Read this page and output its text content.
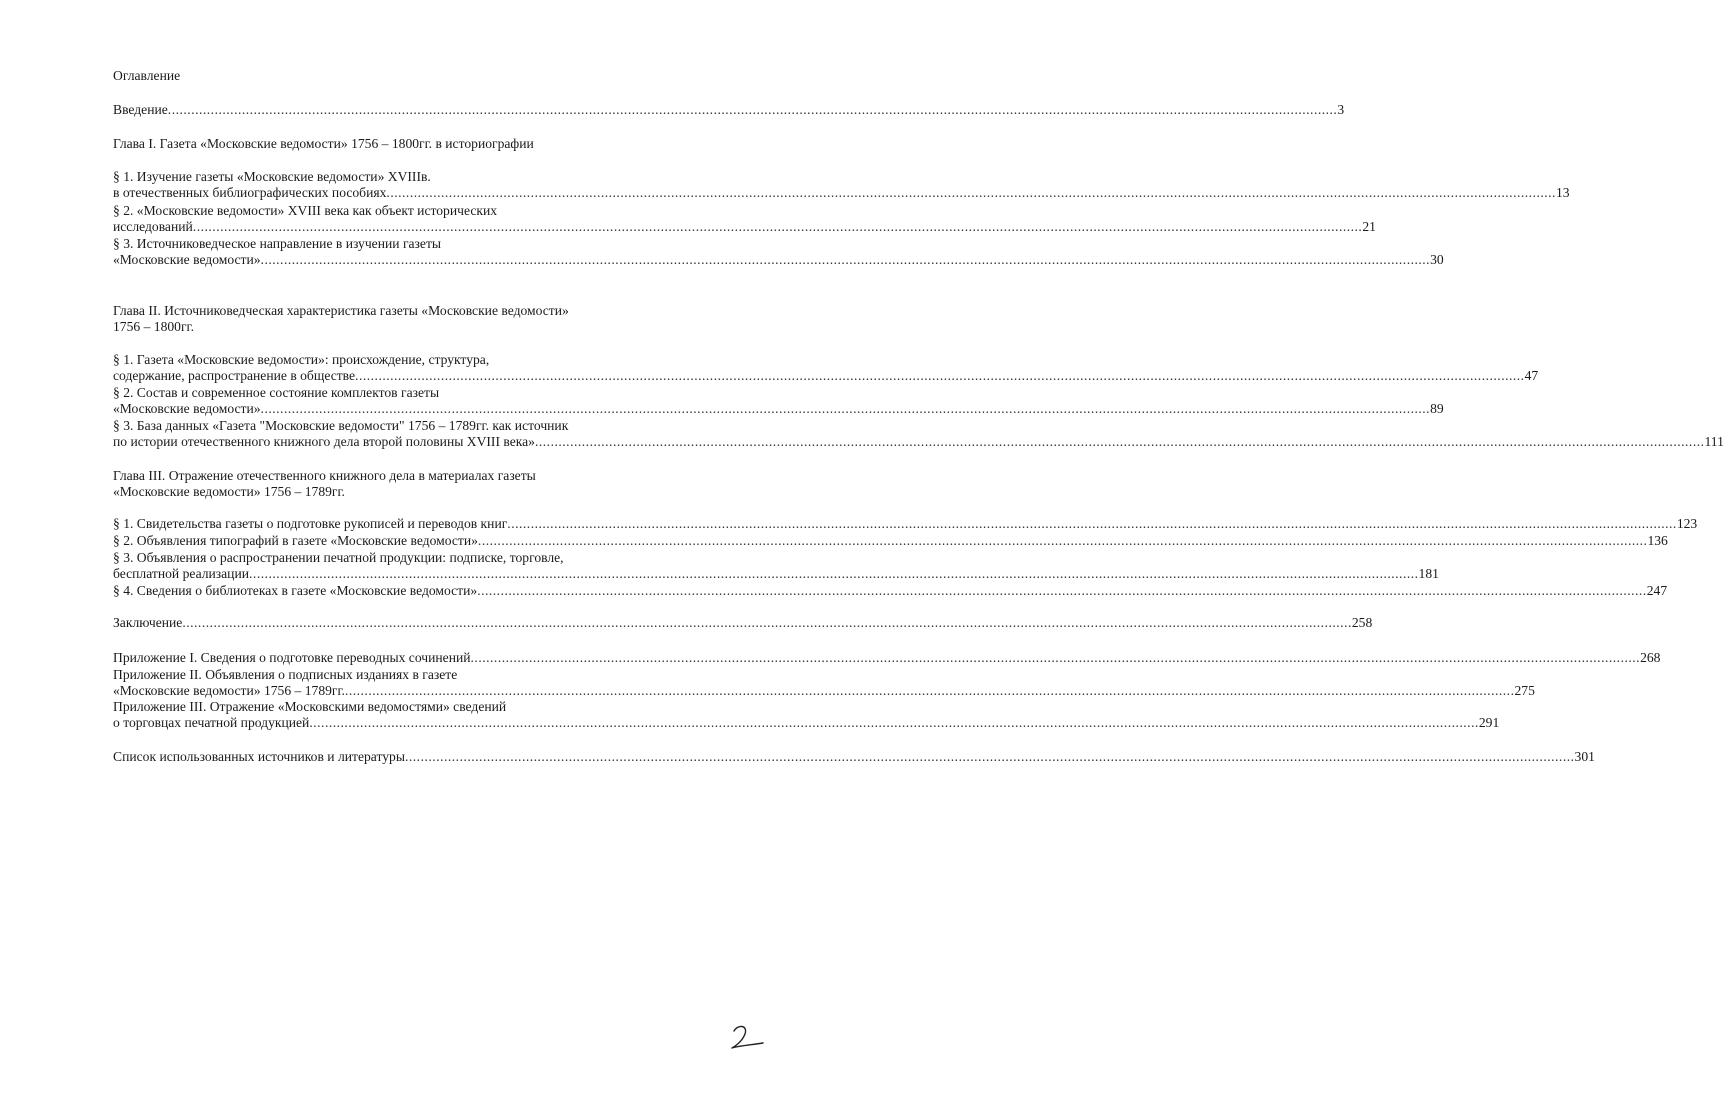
Оглавление
Введение ............................................................................................................................................................................................................................................................................................................ 3
Глава I. Газета «Московские ведомости» 1756 – 1800гг. в историографии
§ 1. Изучение газеты «Московские ведомости» XVIIIв.
в отечественных библиографических пособиях ............................................................................................................................................................................................................................................................................................................ 13
§ 2. «Московские ведомости» XVIII века как объект исторических
исследований ............................................................................................................................................................................................................................................................................................................ 21
§ 3. Источниковедческое направление в изучении газеты
«Московские ведомости» ............................................................................................................................................................................................................................................................................................................ 30
Глава II. Источниковедческая характеристика газеты «Московские ведомости»
1756 – 1800гг.
§ 1. Газета «Московские ведомости»: происхождение, структура,
содержание, распространение в обществе ............................................................................................................................................................................................................................................................................................................ 47
§ 2. Состав и современное состояние комплектов газеты
«Московские ведомости» ............................................................................................................................................................................................................................................................................................................ 89
§ 3. База данных «Газета "Московские ведомости" 1756 – 1789гг. как источник
по истории отечественного книжного дела второй половины XVIII века» ............................................................................................................................................................................................................................................................................................................ 111
Глава III. Отражение отечественного книжного дела в материалах газеты
«Московские ведомости» 1756 – 1789гг.
§ 1. Свидетельства газеты о подготовке рукописей и переводов книг ............................................................................................................................................................................................................................................................................................................ 123
§ 2. Объявления типографий в газете «Московские ведомости» ............................................................................................................................................................................................................................................................................................................ 136
§ 3. Объявления о распространении печатной продукции: подписке, торговле,
бесплатной реализации ............................................................................................................................................................................................................................................................................................................ 181
§ 4. Сведения о библиотеках в газете «Московские ведомости» ............................................................................................................................................................................................................................................................................................................ 247
Заключение ............................................................................................................................................................................................................................................................................................................ 258
Приложение I. Сведения о подготовке переводных сочинений ............................................................................................................................................................................................................................................................................................................ 268
Приложение II. Объявления о подписных изданиях в газете
«Московские ведомости» 1756 – 1789гг. ............................................................................................................................................................................................................................................................................................................ 275
Приложение III. Отражение «Московскими ведомостями» сведений
о торговцах печатной продукцией ............................................................................................................................................................................................................................................................................................................ 291
Список использованных источников и литературы ............................................................................................................................................................................................................................................................................................................ 301
